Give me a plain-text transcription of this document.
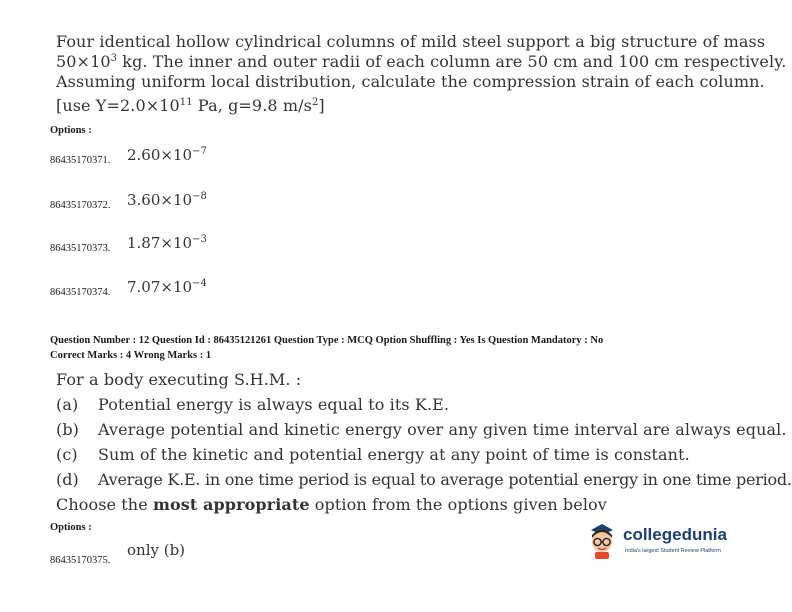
Four identical hollow cylindrical columns of mild steel support a big structure of mass
$50\times 10^3$ kg. The inner and outer radii of each column are 50 cm and 100 cm respectively.
Assuming uniform local distribution, calculate the compression strain of each column.
[use $Y=2.0\times 10^{11}$ Pa, g=9.8 $m/s^2$]
Options :
86435170371. $2.60\times 10^{-7}$
86435170372. $3.60\times 10^{-8}$
86435170373. $1.87\times 10^{-3}$
86435170374. $7.07\times 10^{-4}$
Question Number : 12 Question Id : 86435121261 Question Type : MCQ Option Shuffling : Yes Is Question Mandatory : No
Correct Marks : 4 Wrong Marks : 1
For a body executing S.H.M. :
(a) Potential energy is always equal to its K.E.
(b) Average potential and kinetic energy over any given time interval are always equal.
(c) Sum of the kinetic and potential energy at any point of time is constant.
(d) Average K.E. in one time period is equal to average potential energy in one time period.
Choose the most appropriate option from the options given belov
Options :
86435170375.
only (b)
collegedunia
India's largest Student Review Platform
